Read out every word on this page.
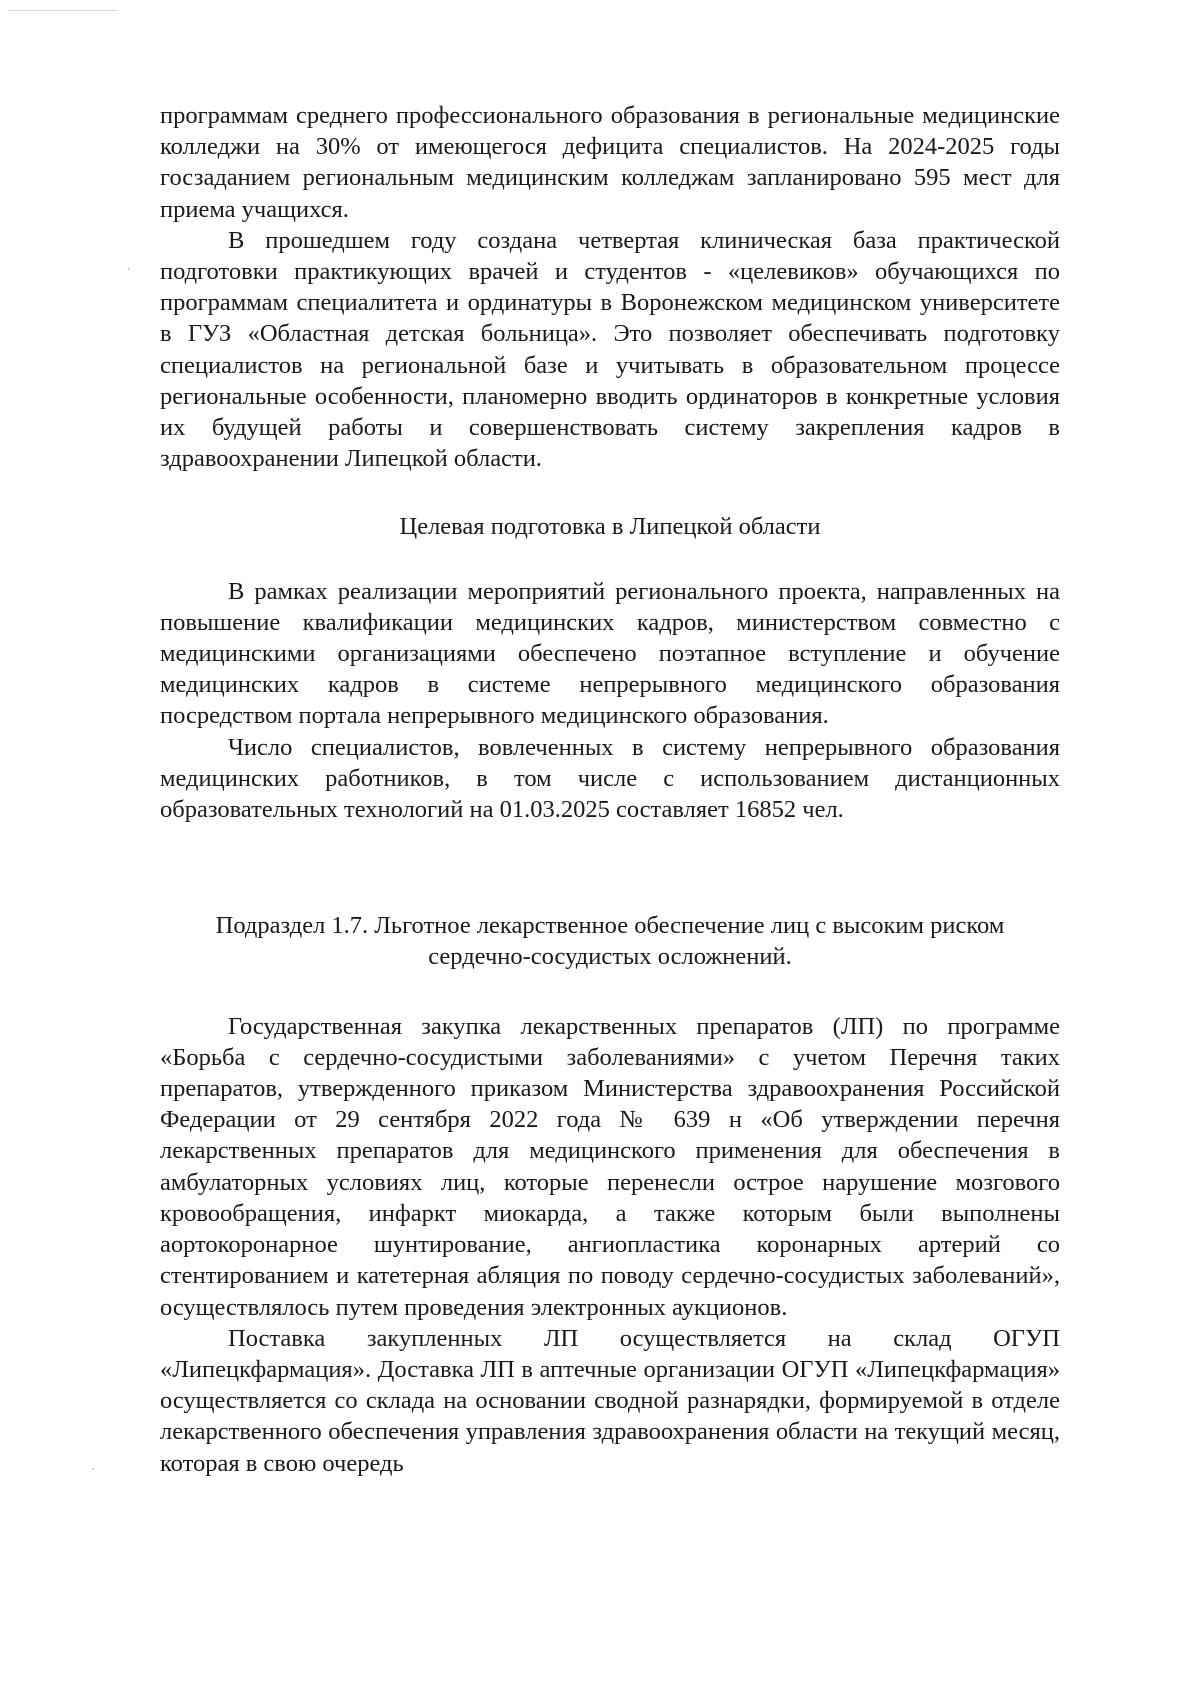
программам среднего профессионального образования в региональные медицинские колледжи на 30% от имеющегося дефицита специалистов. На 2024-2025 годы госзаданием региональным медицинским колледжам запланировано 595 мест для приема учащихся.

В прошедшем году создана четвертая клиническая база практической подготовки практикующих врачей и студентов - «целевиков» обучающихся по программам специалитета и ординатуры в Воронежском медицинском университете в ГУЗ «Областная детская больница». Это позволяет обеспечивать подготовку специалистов на региональной базе и учитывать в образовательном процессе региональные особенности, планомерно вводить ординаторов в конкретные условия их будущей работы и совершенствовать систему закрепления кадров в здравоохранении Липецкой области.

Целевая подготовка в Липецкой области

В рамках реализации мероприятий регионального проекта, направленных на повышение квалификации медицинских кадров, министерством совместно с медицинскими организациями обеспечено поэтапное вступление и обучение медицинских кадров в системе непрерывного медицинского образования посредством портала непрерывного медицинского образования.

Число специалистов, вовлеченных в систему непрерывного образования медицинских работников, в том числе с использованием дистанционных образовательных технологий на 01.03.2025 составляет 16852 чел.

Подраздел 1.7. Льготное лекарственное обеспечение лиц с высоким риском

сердечно-сосудистых осложнений.

Государственная закупка лекарственных препаратов (ЛП) по программе «Борьба с сердечно-сосудистыми заболеваниями» с учетом Перечня таких препаратов, утвержденного приказом Министерства здравоохранения Российской Федерации от 29 сентября 2022 года № 639 н «Об утверждении перечня лекарственных препаратов для медицинского применения для обеспечения в амбулаторных условиях лиц, которые перенесли острое нарушение мозгового кровообращения, инфаркт миокарда, а также которым были выполнены аортокоронарное шунтирование, ангиопластика коронарных артерий со стентированием и катетерная абляция по поводу сердечно-сосудистых заболеваний», осуществлялось путем проведения электронных аукционов.

Поставка закупленных ЛП осуществляется на склад ОГУП «Липецкфармация». Доставка ЛП в аптечные организации ОГУП «Липецкфармация» осуществляется со склада на основании сводной разнарядки, формируемой в отделе лекарственного обеспечения управления здравоохранения области на текущий месяц, которая в свою очередь
